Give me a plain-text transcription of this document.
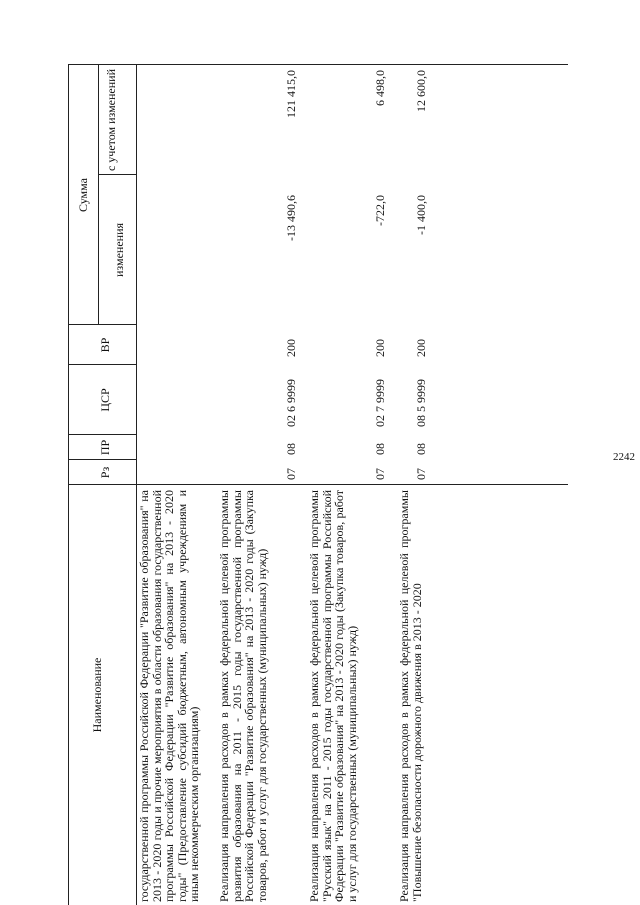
2242
Наименование
Рз
ПР
ЦСР
ВР
Сумма
изменения
с учетом изменений
государственной программы Российской Федерации "Развитие образования" на 2013 - 2020 годы и прочие мероприятия в области образования государственной программы Российской Федерации "Развитие образования" на 2013 - 2020 годы" (Предоставление субсидий бюджетным, автономным учреждениям и иным некоммерческим организациям) Реализация направления расходов в рамках федеральной целевой программы развития образования на 2011 - 2015 годы государственной программы Российской Федерации "Развитие образования" на 2013 - 2020 годы (Закупка товаров, работ и услуг для государственных (муниципальных) нужд)
07
08
02 6 9999
200
-13 490,6
121 415,0
Реализация направления расходов в рамках федеральной целевой программы "Русский язык" на 2011 - 2015 годы государственной программы Российской Федерации "Развитие образования" на 2013 - 2020 годы (Закупка товаров, работ и услуг для государственных (муниципальных) нужд)
07
08
02 7 9999
200
-722,0
6 498,0
Реализация направления расходов в рамках федеральной целевой программы "Повышение безопасности дорожного движения в 2013 - 2020
07
08
08 5 9999
200
-1 400,0
12 600,0
